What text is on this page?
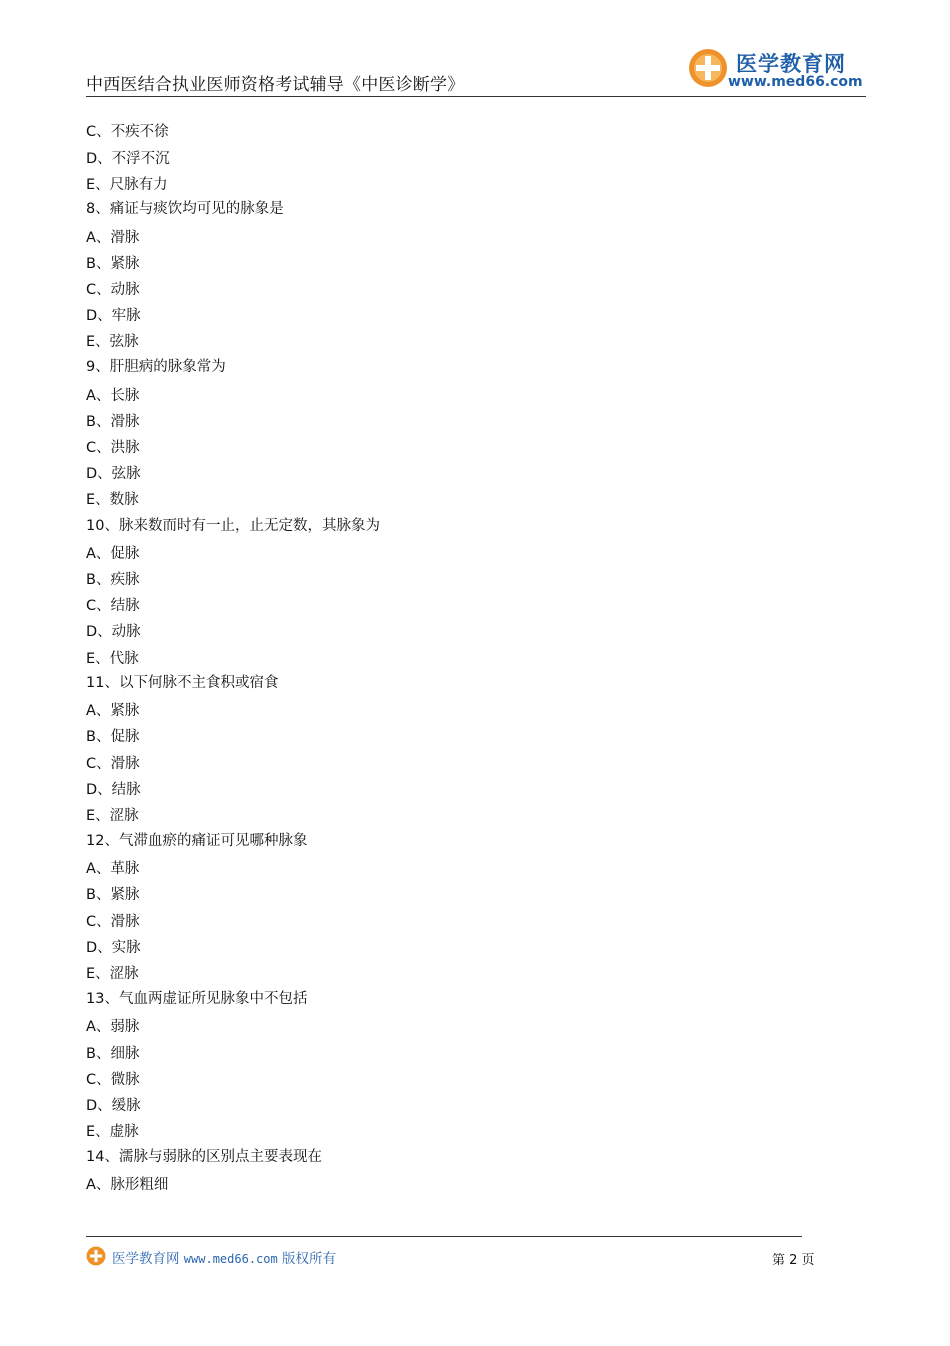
中西医结合执业医师资格考试辅导《中医诊断学》
医学教育网
www.med66.com
C、不疾不徐
D、不浮不沉
E、尺脉有力
8、痛证与痰饮均可见的脉象是
A、滑脉
B、紧脉
C、动脉
D、牢脉
E、弦脉
9、肝胆病的脉象常为
A、长脉
B、滑脉
C、洪脉
D、弦脉
E、数脉
10、脉来数而时有一止，止无定数，其脉象为
A、促脉
B、疾脉
C、结脉
D、动脉
E、代脉
11、以下何脉不主食积或宿食
A、紧脉
B、促脉
C、滑脉
D、结脉
E、涩脉
12、气滞血瘀的痛证可见哪种脉象
A、革脉
B、紧脉
C、滑脉
D、实脉
E、涩脉
13、气血两虚证所见脉象中不包括
A、弱脉
B、细脉
C、微脉
D、缓脉
E、虚脉
14、濡脉与弱脉的区别点主要表现在
A、脉形粗细
医学教育网 www.med66.com 版权所有	第 2 页
